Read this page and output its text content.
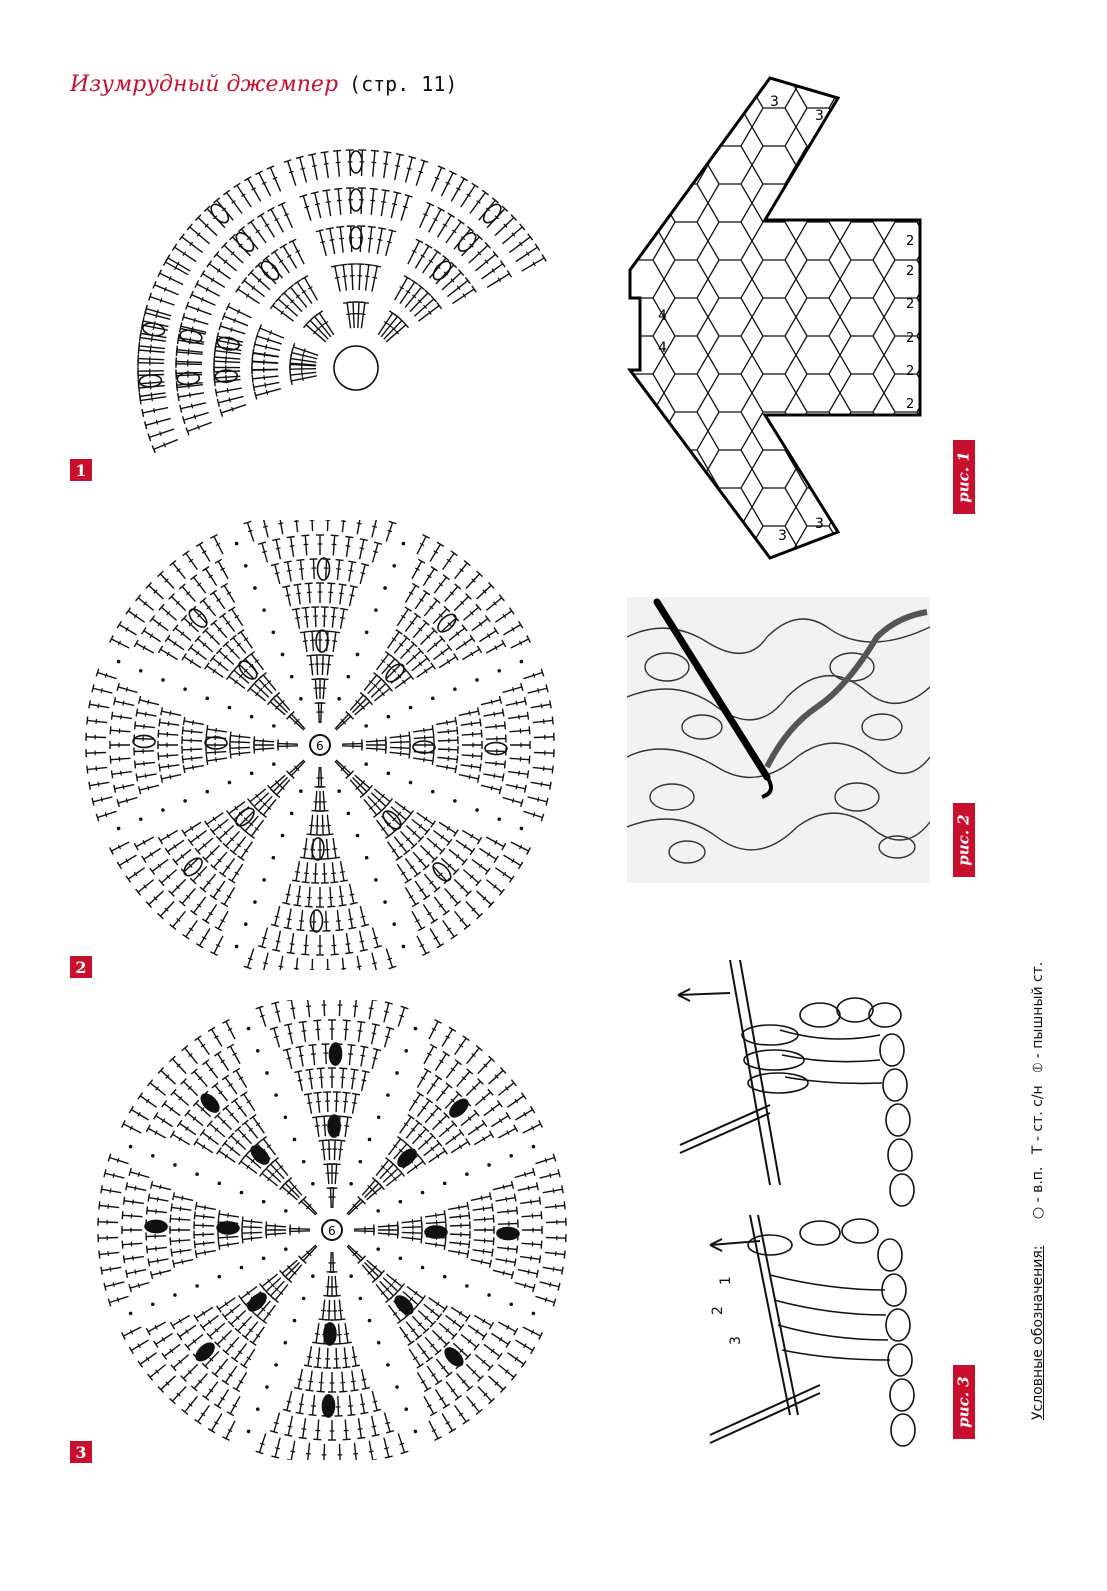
Изумрудный джемпер (стр. 11)
1
6
2
6
3
3
3
3
3
4
4
2
2
2
2
2
2
рис. 1
рис. 2
1
2
3
рис. 3	Условные обозначения: ○ - в.п. Т - ст. с/н ⦶ - пышный ст.
